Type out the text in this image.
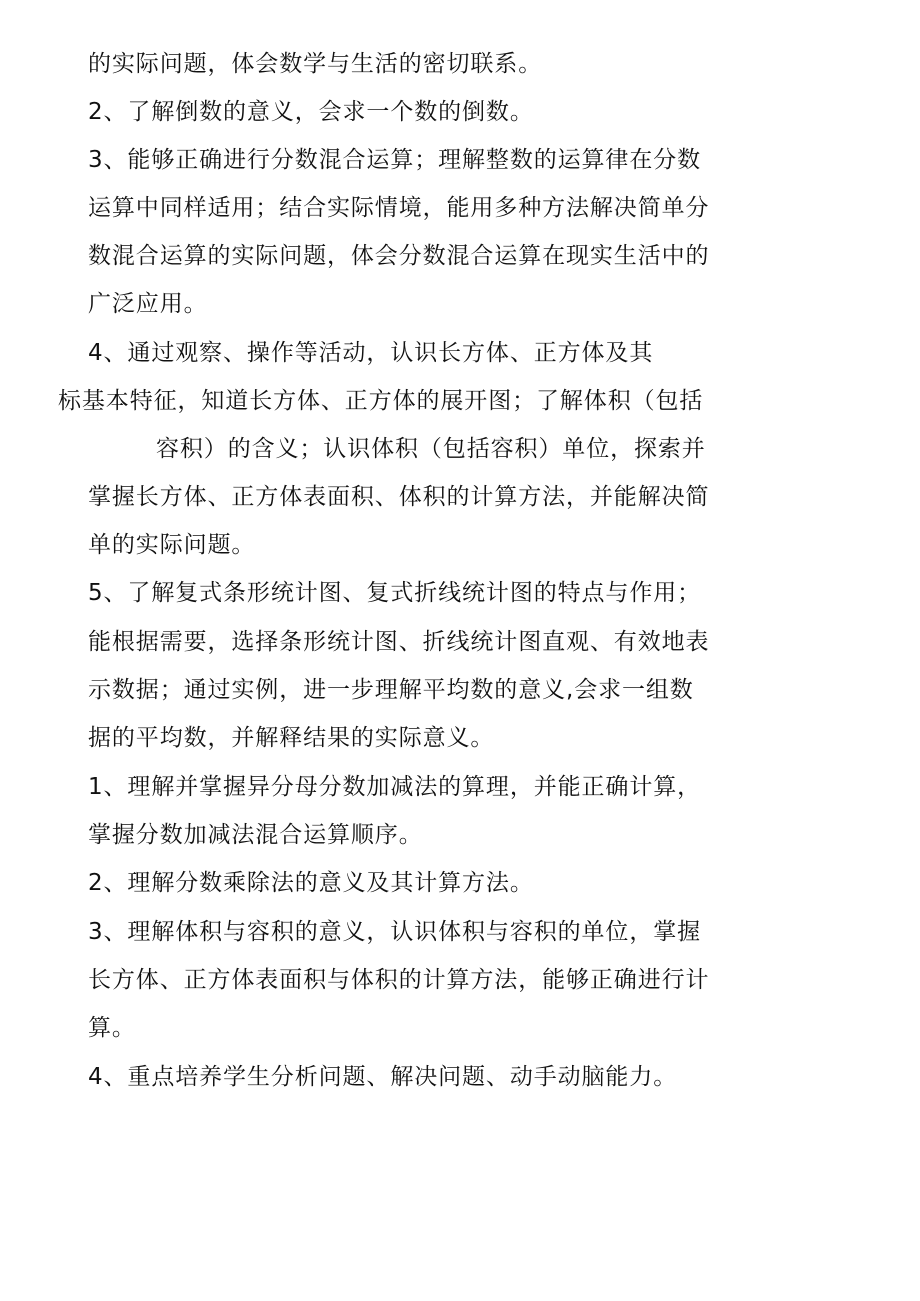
的实际问题，体会数学与生活的密切联系。
2、了解倒数的意义，会求一个数的倒数。
3、能够正确进行分数混合运算；理解整数的运算律在分数
运算中同样适用；结合实际情境，能用多种方法解决简单分
数混合运算的实际问题，体会分数混合运算在现实生活中的
广泛应用。
4、通过观察、操作等活动，认识长方体、正方体及其
标基本特征，知道长方体、正方体的展开图；了解体积（包括
容积）的含义；认识体积（包括容积）单位，探索并
掌握长方体、正方体表面积、体积的计算方法，并能解决简
单的实际问题。
5、了解复式条形统计图、复式折线统计图的特点与作用；
能根据需要，选择条形统计图、折线统计图直观、有效地表
示数据；通过实例，进一步理解平均数的意义,会求一组数
据的平均数，并解释结果的实际意义。
1、理解并掌握异分母分数加减法的算理，并能正确计算，
掌握分数加减法混合运算顺序。
2、理解分数乘除法的意义及其计算方法。
3、理解体积与容积的意义，认识体积与容积的单位，掌握
长方体、正方体表面积与体积的计算方法，能够正确进行计
算。
4、重点培养学生分析问题、解决问题、动手动脑能力。
